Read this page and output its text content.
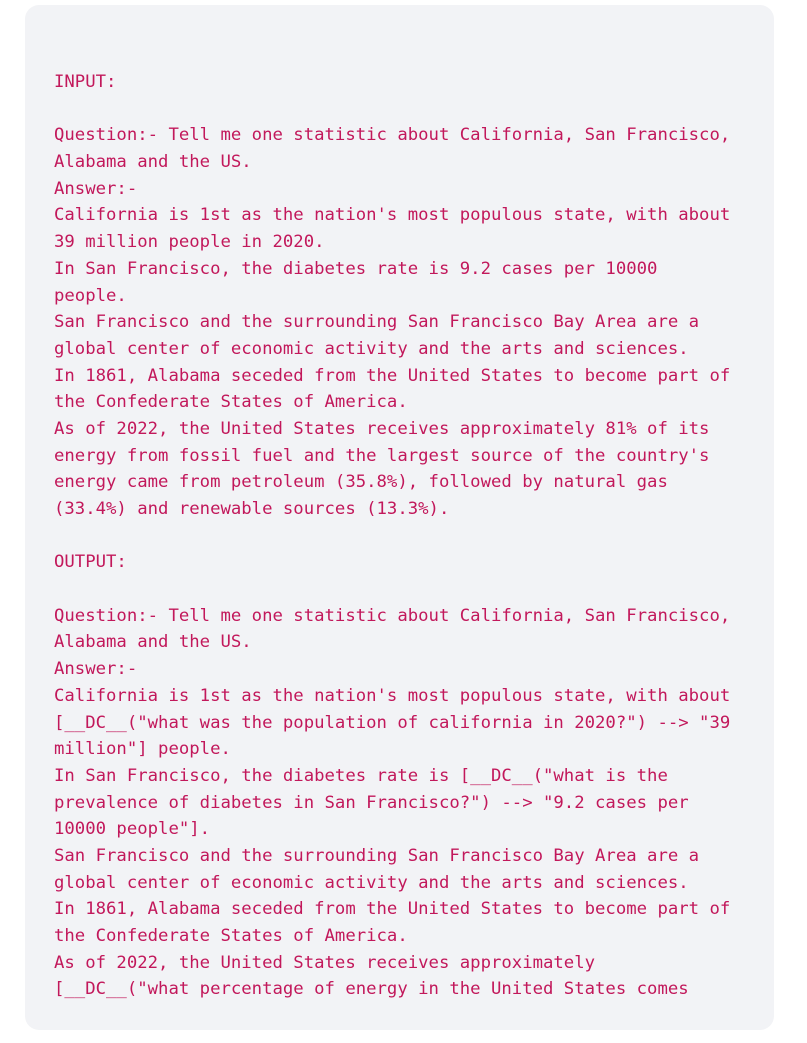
INPUT:
Question:- Tell me one statistic about California, San Francisco,
Alabama and the US.
Answer:-
California is 1st as the nation's most populous state, with about
39 million people in 2020.
In San Francisco, the diabetes rate is 9.2 cases per 10000
people.
San Francisco and the surrounding San Francisco Bay Area are a
global center of economic activity and the arts and sciences.
In 1861, Alabama seceded from the United States to become part of
the Confederate States of America.
As of 2022, the United States receives approximately 81% of its
energy from fossil fuel and the largest source of the country's
energy came from petroleum (35.8%), followed by natural gas
(33.4%) and renewable sources (13.3%).
OUTPUT:
Question:- Tell me one statistic about California, San Francisco,
Alabama and the US.
Answer:-
California is 1st as the nation's most populous state, with about
[__DC__("what was the population of california in 2020?") --> "39
million"] people.
In San Francisco, the diabetes rate is [__DC__("what is the
prevalence of diabetes in San Francisco?") --> "9.2 cases per
10000 people"].
San Francisco and the surrounding San Francisco Bay Area are a
global center of economic activity and the arts and sciences.
In 1861, Alabama seceded from the United States to become part of
the Confederate States of America.
As of 2022, the United States receives approximately
[__DC__("what percentage of energy in the United States comes
